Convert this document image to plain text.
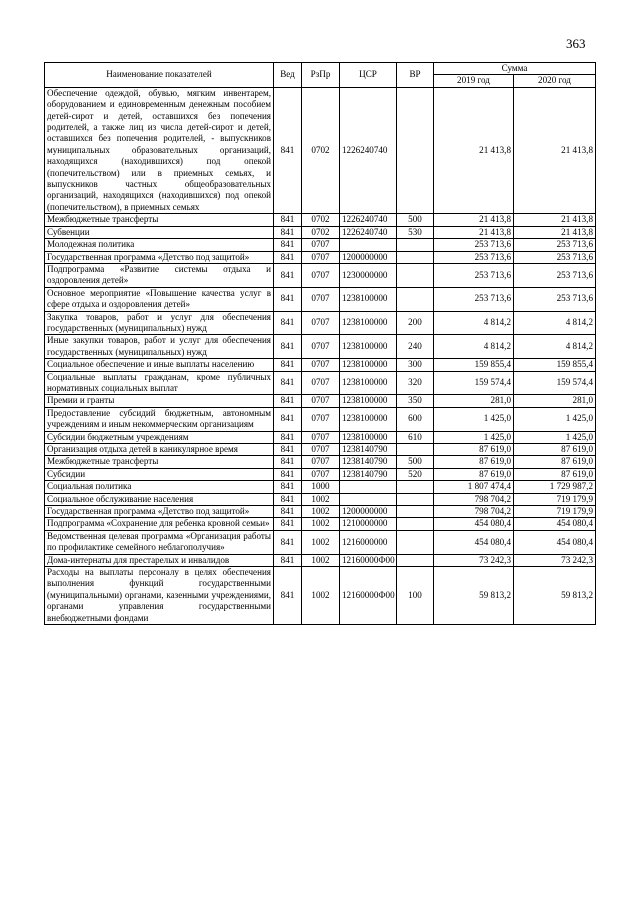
363
Наименование показателей	Вед	РзПр	ЦСР	ВР	Сумма	
					2019 год	2020 год
Обеспечение одеждой, обувью, мягким инвентарем, оборудованием и единовременным денежным пособием детей-сирот и детей, оставшихся без попечения родителей, а также лиц из числа детей-сирот и детей, оставшихся без попечения родителей, - выпускников муниципальных образовательных организаций, находящихся (находившихся) под опекой (попечительством) или в приемных семьях, и выпускников частных общеобразовательных организаций, находящихся (находившихся) под опекой (попечительством), в приемных семьях	841	0702	1226240740		21 413,8	21 413,8
Межбюджетные трансферты	841	0702	1226240740	500	21 413,8	21 413,8
Субвенции	841	0702	1226240740	530	21 413,8	21 413,8
Молодежная политика	841	0707			253 713,6	253 713,6
Государственная программа «Детство под защитой»	841	0707	1200000000		253 713,6	253 713,6
Подпрограмма «Развитие системы отдыха и оздоровления детей»	841	0707	1230000000		253 713,6	253 713,6
Основное мероприятие «Повышение качества услуг в сфере отдыха и оздоровления детей»	841	0707	1238100000		253 713,6	253 713,6
Закупка товаров, работ и услуг для обеспечения государственных (муниципальных) нужд	841	0707	1238100000	200	4 814,2	4 814,2
Иные закупки товаров, работ и услуг для обеспечения государственных (муниципальных) нужд	841	0707	1238100000	240	4 814,2	4 814,2
Социальное обеспечение и иные выплаты населению	841	0707	1238100000	300	159 855,4	159 855,4
Социальные выплаты гражданам, кроме публичных нормативных социальных выплат	841	0707	1238100000	320	159 574,4	159 574,4
Премии и гранты	841	0707	1238100000	350	281,0	281,0
Предоставление субсидий бюджетным, автономным учреждениям и иным некоммерческим организациям	841	0707	1238100000	600	1 425,0	1 425,0
Субсидии бюджетным учреждениям	841	0707	1238100000	610	1 425,0	1 425,0
Организация отдыха детей в каникулярное время	841	0707	1238140790		87 619,0	87 619,0
Межбюджетные трансферты	841	0707	1238140790	500	87 619,0	87 619,0
Субсидии	841	0707	1238140790	520	87 619,0	87 619,0
Социальная политика	841	1000			1 807 474,4	1 729 987,2
Социальное обслуживание населения	841	1002			798 704,2	719 179,9
Государственная программа «Детство под защитой»	841	1002	1200000000		798 704,2	719 179,9
Подпрограмма «Сохранение для ребенка кровной семьи»	841	1002	1210000000		454 080,4	454 080,4
Ведомственная целевая программа «Организация работы по профилактике семейного неблагополучия»	841	1002	1216000000		454 080,4	454 080,4
Дома-интернаты для престарелых и инвалидов	841	1002	12160000Ф00		73 242,3	73 242,3
Расходы на выплаты персоналу в целях обеспечения выполнения функций государственными (муниципальными) органами, казенными учреждениями, органами управления государственными внебюджетными фондами	841	1002	12160000Ф00	100	59 813,2	59 813,2
